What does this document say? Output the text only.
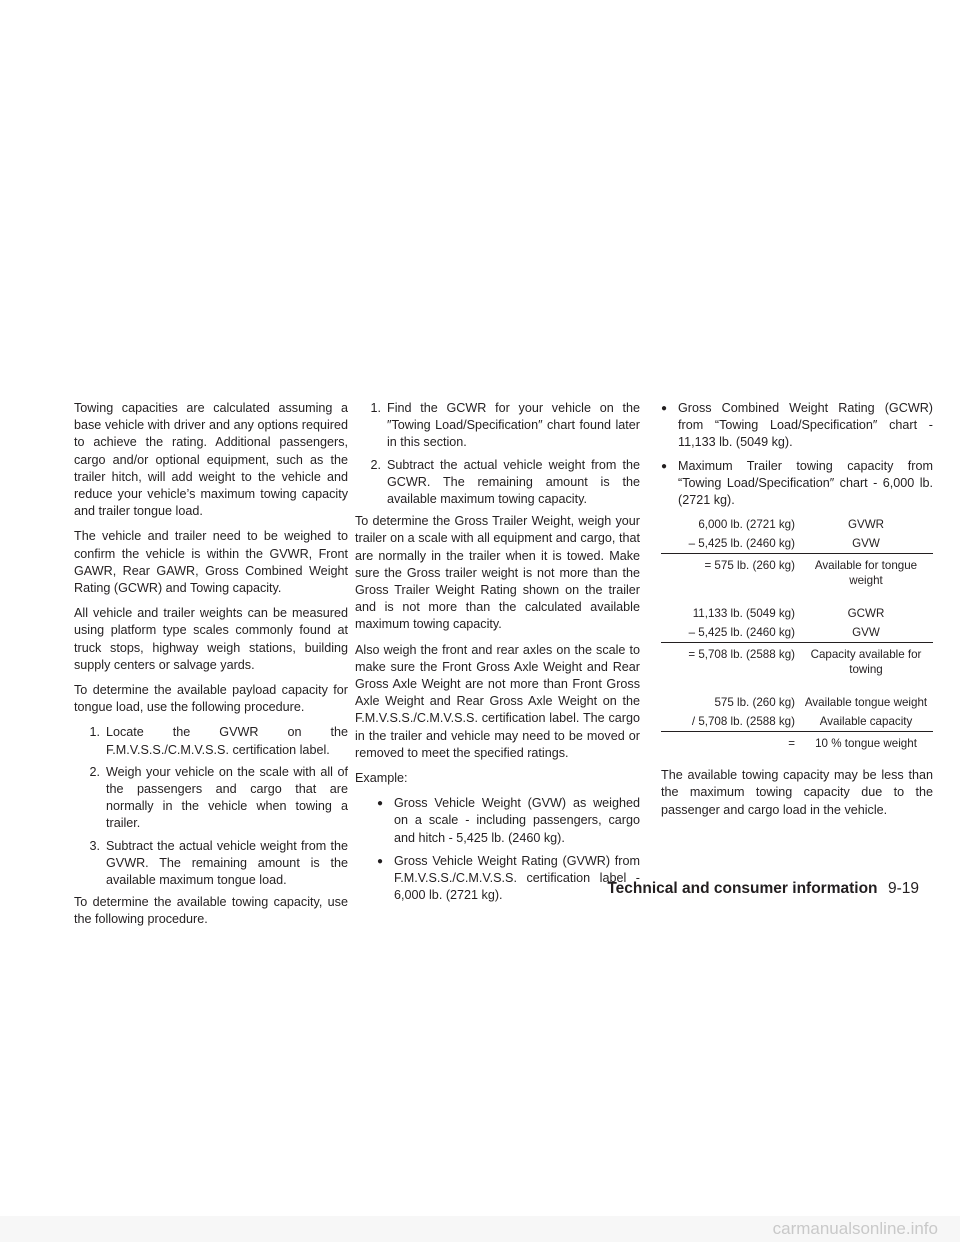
Towing capacities are calculated assuming a base vehicle with driver and any options required to achieve the rating. Additional passengers, cargo and/or optional equipment, such as the trailer hitch, will add weight to the vehicle and reduce your vehicle’s maximum towing capacity and trailer tongue load.

The vehicle and trailer need to be weighed to confirm the vehicle is within the GVWR, Front GAWR, Rear GAWR, Gross Combined Weight Rating (GCWR) and Towing capacity.

All vehicle and trailer weights can be measured using platform type scales commonly found at truck stops, highway weigh stations, building supply centers or salvage yards.

To determine the available payload capacity for tongue load, use the following procedure.

1. Locate the GVWR on the F.M.V.S.S./C.M.V.S.S. certification label.
2. Weigh your vehicle on the scale with all of the passengers and cargo that are normally in the vehicle when towing a trailer.
3. Subtract the actual vehicle weight from the GVWR. The remaining amount is the available maximum tongue load.

To determine the available towing capacity, use the following procedure.

1. Find the GCWR for your vehicle on the ″Towing Load/Specification″ chart found later in this section.
2. Subtract the actual vehicle weight from the GCWR. The remaining amount is the available maximum towing capacity.

To determine the Gross Trailer Weight, weigh your trailer on a scale with all equipment and cargo, that are normally in the trailer when it is towed. Make sure the Gross trailer weight is not more than the Gross Trailer Weight Rating shown on the trailer and is not more than the calculated available maximum towing capacity.

Also weigh the front and rear axles on the scale to make sure the Front Gross Axle Weight and Rear Gross Axle Weight are not more than Front Gross Axle Weight and Rear Gross Axle Weight on the F.M.V.S.S./C.M.V.S.S. certification label. The cargo in the trailer and vehicle may need to be moved or removed to meet the specified ratings.

Example:

● Gross Vehicle Weight (GVW) as weighed on a scale - including passengers, cargo and hitch - 5,425 lb. (2460 kg).
● Gross Vehicle Weight Rating (GVWR) from F.M.V.S.S./C.M.V.S.S. certification label - 6,000 lb. (2721 kg).
● Gross Combined Weight Rating (GCWR) from “Towing Load/Specification″ chart - 11,133 lb. (5049 kg).
● Maximum Trailer towing capacity from “Towing Load/Specification″ chart - 6,000 lb. (2721 kg).
6,000 lb. (2721 kg)	GVWR
– 5,425 lb. (2460 kg)	GVW
= 575 lb. (260 kg)	Available for tongue weight
11,133 lb. (5049 kg)	GCWR
– 5,425 lb. (2460 kg)	GVW
= 5,708 lb. (2588 kg)	Capacity available for towing
575 lb. (260 kg) Available tongue weight
/ 5,708 lb. (2588 kg)	Available capacity
=	10 % tongue weight

The available towing capacity may be less than the maximum towing capacity due to the passenger and cargo load in the vehicle.

Technical and consumer information 9-19
carmanualsonline.info
